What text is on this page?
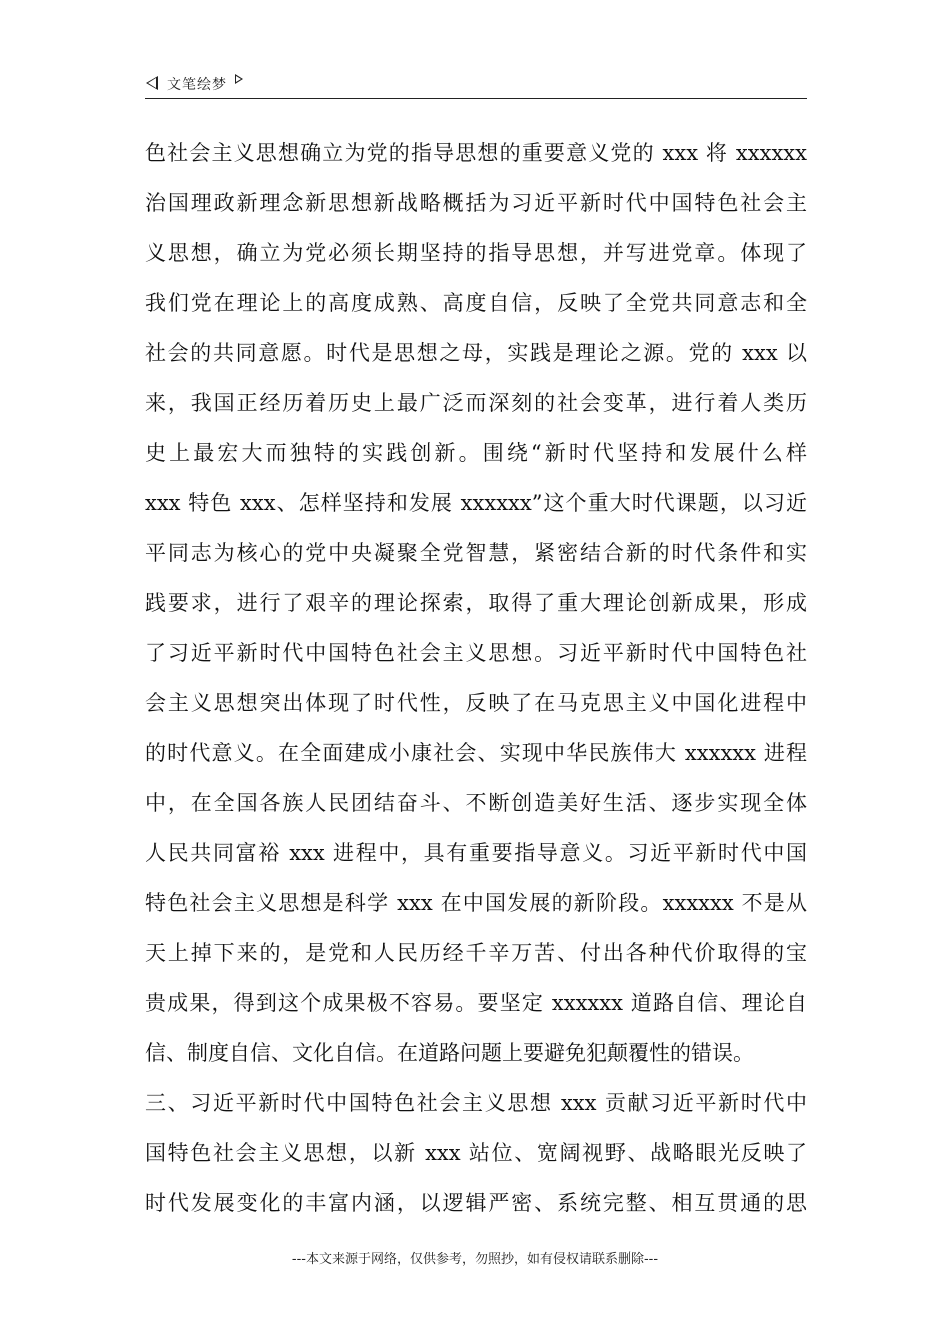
文笔绘梦
色社会主义思想确立为党的指导思想的重要意义党的 xxx 将 xxxxxx
治国理政新理念新思想新战略概括为习近平新时代中国特色社会主
义思想，确立为党必须长期坚持的指导思想，并写进党章。体现了
我们党在理论上的高度成熟、高度自信，反映了全党共同意志和全
社会的共同意愿。时代是思想之母，实践是理论之源。党的 xxx 以
来，我国正经历着历史上最广泛而深刻的社会变革，进行着人类历
史上最宏大而独特的实践创新。围绕“新时代坚持和发展什么样
xxx 特色 xxx、怎样坚持和发展 xxxxxx”这个重大时代课题，以习近
平同志为核心的党中央凝聚全党智慧，紧密结合新的时代条件和实
践要求，进行了艰辛的理论探索，取得了重大理论创新成果，形成
了习近平新时代中国特色社会主义思想。习近平新时代中国特色社
会主义思想突出体现了时代性，反映了在马克思主义中国化进程中
的时代意义。在全面建成小康社会、实现中华民族伟大 xxxxxx 进程
中，在全国各族人民团结奋斗、不断创造美好生活、逐步实现全体
人民共同富裕 xxx 进程中，具有重要指导意义。习近平新时代中国
特色社会主义思想是科学 xxx 在中国发展的新阶段。xxxxxx 不是从
天上掉下来的，是党和人民历经千辛万苦、付出各种代价取得的宝
贵成果，得到这个成果极不容易。要坚定 xxxxxx 道路自信、理论自
信、制度自信、文化自信。在道路问题上要避免犯颠覆性的错误。
三、习近平新时代中国特色社会主义思想 xxx 贡献习近平新时代中
国特色社会主义思想，以新 xxx 站位、宽阔视野、战略眼光反映了
时代发展变化的丰富内涵，以逻辑严密、系统完整、相互贯通的思
---本文来源于网络，仅供参考，勿照抄，如有侵权请联系删除---
